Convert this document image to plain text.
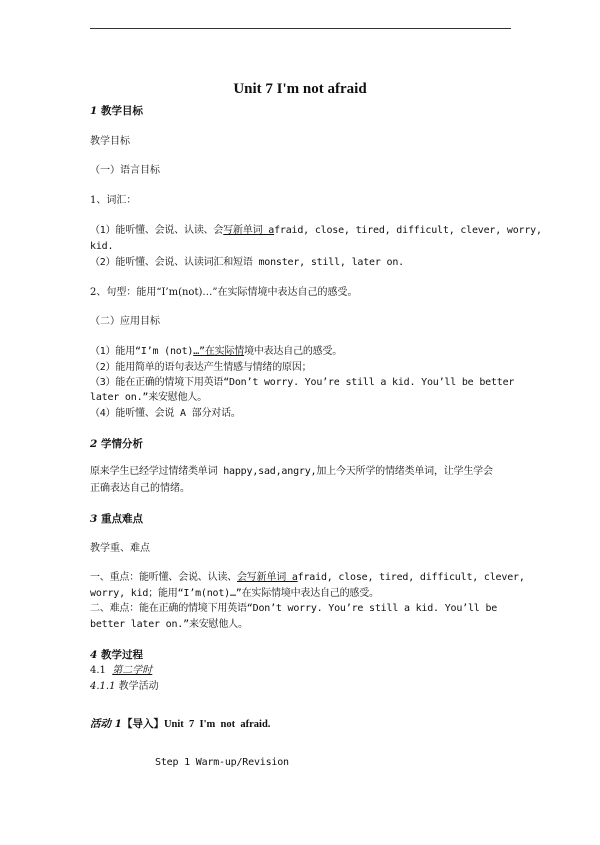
Unit 7 I'm not afraid
1 教学目标
教学目标
（一）语言目标
1、词汇：
（1）能听懂、会说、认读、会写新单词 afraid, close, tired, difficult, clever, worry,
kid.
（2）能听懂、会说、认读词汇和短语 monster, still, later on.
2、句型：能用“I’m(not)…”在实际情境中表达自己的感受。
（二）应用目标
（1）能用“I’m (not)…”在实际情境中表达自己的感受。
（2）能用简单的语句表达产生情感与情绪的原因；
（3）能在正确的情境下用英语“Don’t worry. You’re still a kid. You’ll be better
later on.”来安慰他人。
（4）能听懂、会说 A 部分对话。
2 学情分析
原来学生已经学过情绪类单词 happy,sad,angry,加上今天所学的情绪类单词，让学生学会
正确表达自己的情绪。
3 重点难点
教学重、难点
一、重点：能听懂、会说、认读、会写新单词 afraid, close, tired, difficult, clever,
worry, kid；能用“I’m(not)…”在实际情境中表达自己的感受。
二、难点：能在正确的情境下用英语“Don’t worry. You’re still a kid. You’ll be
better later on.”来安慰他人。
4 教学过程
4.1 第二学时
4.1.1 教学活动
活动 1【导入】Unit  7  I'm  not  afraid.
Step 1 Warm-up/Revision
